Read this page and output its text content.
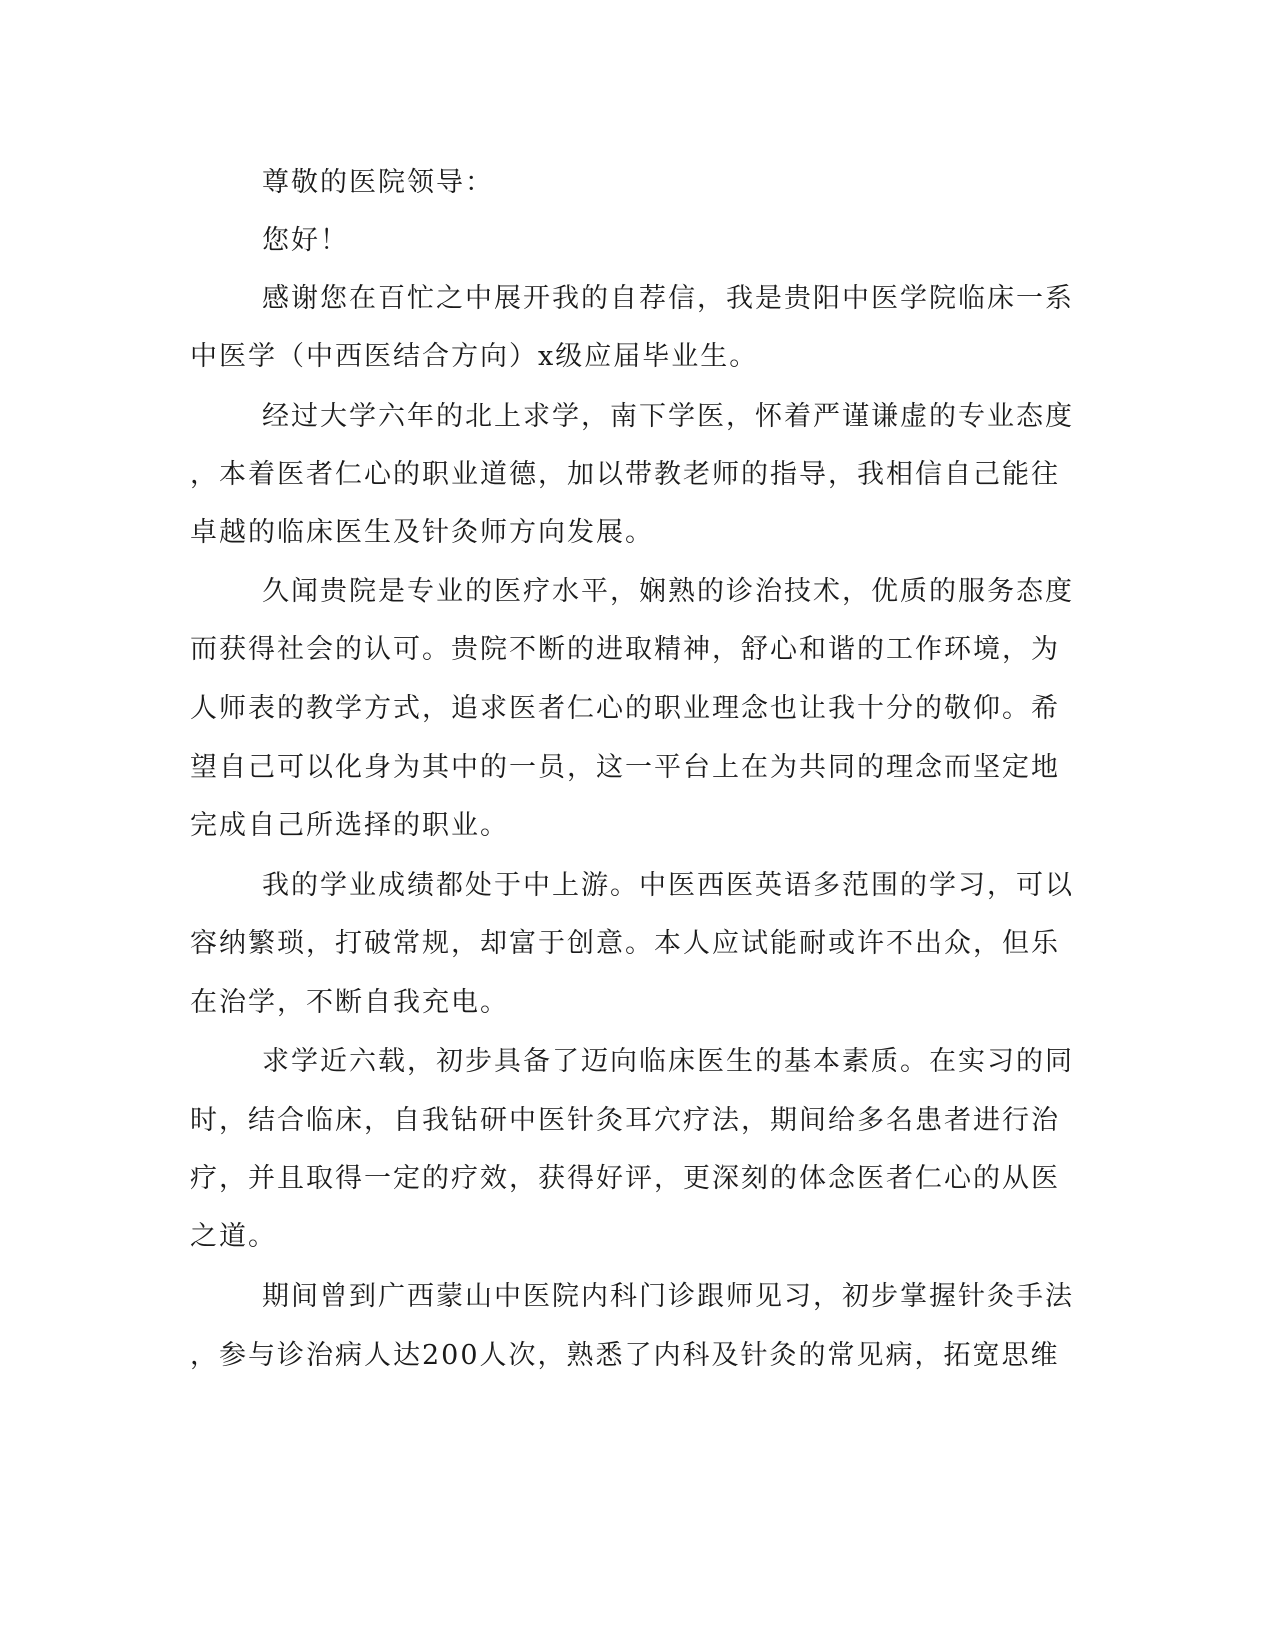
尊敬的医院领导：
您好！
感谢您在百忙之中展开我的自荐信，我是贵阳中医学院临床一系
中医学（中西医结合方向）x级应届毕业生。
经过大学六年的北上求学，南下学医，怀着严谨谦虚的专业态度
，本着医者仁心的职业道德，加以带教老师的指导，我相信自己能往
卓越的临床医生及针灸师方向发展。
久闻贵院是专业的医疗水平，娴熟的诊治技术，优质的服务态度
而获得社会的认可。贵院不断的进取精神，舒心和谐的工作环境，为
人师表的教学方式，追求医者仁心的职业理念也让我十分的敬仰。希
望自己可以化身为其中的一员，这一平台上在为共同的理念而坚定地
完成自己所选择的职业。
我的学业成绩都处于中上游。中医西医英语多范围的学习，可以
容纳繁琐，打破常规，却富于创意。本人应试能耐或许不出众，但乐
在治学，不断自我充电。
求学近六载，初步具备了迈向临床医生的基本素质。在实习的同
时，结合临床，自我钻研中医针灸耳穴疗法，期间给多名患者进行治
疗，并且取得一定的疗效，获得好评，更深刻的体念医者仁心的从医
之道。
期间曾到广西蒙山中医院内科门诊跟师见习，初步掌握针灸手法
，参与诊治病人达200人次，熟悉了内科及针灸的常见病，拓宽思维
